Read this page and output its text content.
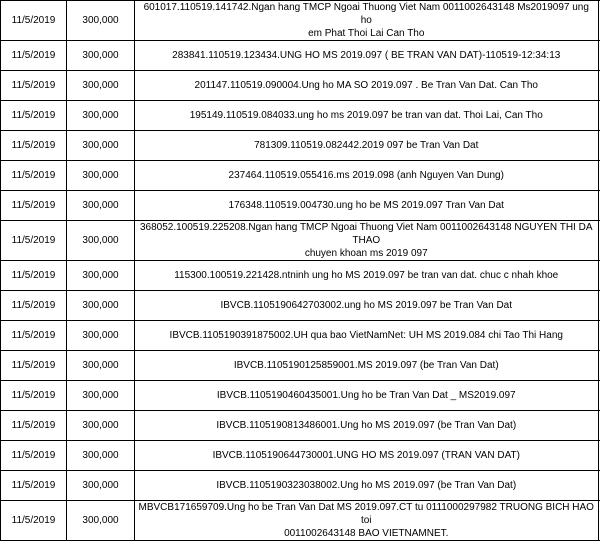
11/5/2019	300,000	601017.110519.141742.Ngan hang TMCP Ngoai Thuong Viet Nam 0011002643148 Ms2019097 ung ho
em Phat Thoi Lai Can Tho	

11/5/2019	300,000	283841.110519.123434.UNG HO MS 2019.097 ( BE TRAN VAN DAT)-110519-12:34:13	

11/5/2019	300,000	201147.110519.090004.Ung ho MA SO 2019.097 . Be Tran Van Dat. Can Tho	

11/5/2019	300,000	195149.110519.084033.ung ho ms 2019.097 be tran van dat. Thoi Lai, Can Tho	

11/5/2019	300,000	781309.110519.082442.2019 097 be Tran Van Dat	

11/5/2019	300,000	237464.110519.055416.ms 2019.098 (anh Nguyen Van Dung)	

11/5/2019	300,000	176348.110519.004730.ung ho be MS 2019.097 Tran Van Dat	

11/5/2019	300,000	368052.100519.225208.Ngan hang TMCP Ngoai Thuong Viet Nam 0011002643148 NGUYEN THI DA THAO
chuyen khoan ms 2019 097	

11/5/2019	300,000	115300.100519.221428.ntninh ung ho MS 2019.097 be tran van dat. chuc c nhah khoe	

11/5/2019	300,000	IBVCB.1105190642703002.ung ho MS 2019.097 be Tran Van Dat	

11/5/2019	300,000	IBVCB.1105190391875002.UH qua bao VietNamNet: UH MS 2019.084 chi Tao Thi Hang	

11/5/2019	300,000	IBVCB.1105190125859001.MS 2019.097 (be Tran Van Dat)	

11/5/2019	300,000	IBVCB.1105190460435001.Ung ho be Tran Van Dat _ MS2019.097	

11/5/2019	300,000	IBVCB.1105190813486001.Ung ho MS 2019.097 (be Tran Van Dat)	

11/5/2019	300,000	IBVCB.1105190644730001.UNG HO MS 2019.097 (TRAN VAN DAT)	

11/5/2019	300,000	IBVCB.1105190323038002.Ung ho MS 2019.097 (be Tran Van Dat)	

11/5/2019	300,000	MBVCB171659709.Ung ho be Tran Van Dat MS 2019.097.CT tu 0111000297982 TRUONG BICH HAO toi
0011002643148 BAO VIETNAMNET.	
